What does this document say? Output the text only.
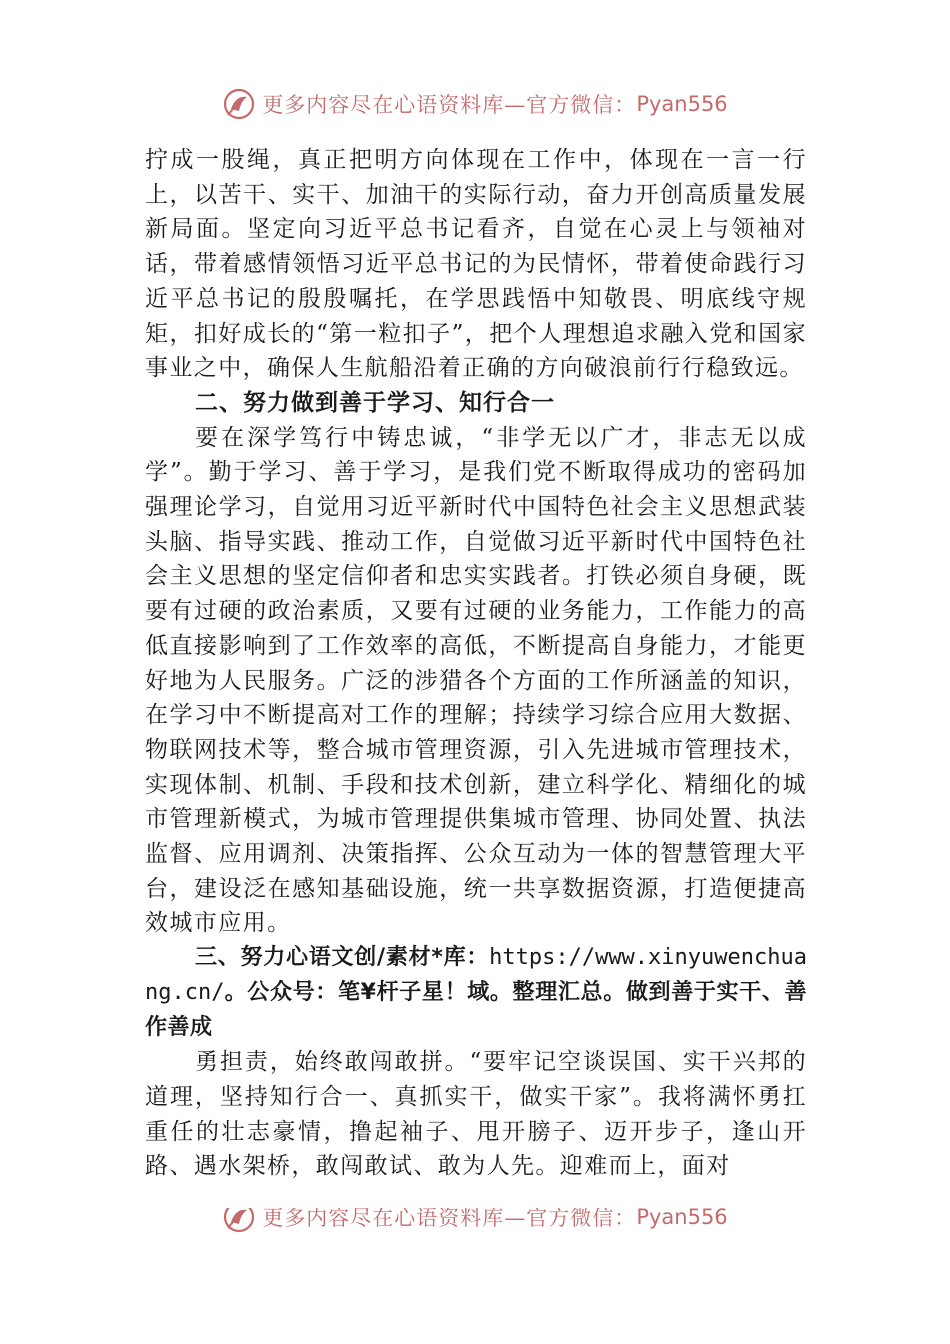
更多内容尽在心语资料库—官方微信： Pyan556

拧成一股绳，真正把明方向体现在工作中，体现在一言一行上，以苦干、实干、加油干的实际行动，奋力开创高质量发展新局面。坚定向习近平总书记看齐，自觉在心灵上与领袖对话，带着感情领悟习近平总书记的为民情怀，带着使命践行习近平总书记的殷殷嘱托，在学思践悟中知敬畏、明底线守规矩，扣好成长的“第一粒扣子”，把个人理想追求融入党和国家事业之中，确保人生航船沿着正确的方向破浪前行行稳致远。

二、努力做到善于学习、知行合一

要在深学笃行中铸忠诚，“非学无以广才，非志无以成学”。勤于学习、善于学习，是我们党不断取得成功的密码加强理论学习，自觉用习近平新时代中国特色社会主义思想武装头脑、指导实践、推动工作，自觉做习近平新时代中国特色社会主义思想的坚定信仰者和忠实实践者。打铁必须自身硬，既要有过硬的政治素质，又要有过硬的业务能力，工作能力的高低直接影响到了工作效率的高低，不断提高自身能力，才能更好地为人民服务。广泛的涉猎各个方面的工作所涵盖的知识，在学习中不断提高对工作的理解；持续学习综合应用大数据、物联网技术等，整合城市管理资源，引入先进城市管理技术，实现体制、机制、手段和技术创新，建立科学化、精细化的城市管理新模式，为城市管理提供集城市管理、协同处置、执法监督、应用调剂、决策指挥、公众互动为一体的智慧管理大平台，建设泛在感知基础设施，统一共享数据资源，打造便捷高效城市应用。

三、努力心语文创/素材*库：https://www.xinyuwenchuang.cn/。公众号：笔¥杆子星！域。整理汇总。做到善于实干、善作善成

勇担责，始终敢闯敢拼。“要牢记空谈误国、实干兴邦的道理，坚持知行合一、真抓实干，做实干家”。我将满怀勇扛重任的壮志豪情，撸起袖子、甩开膀子、迈开步子，逢山开路、遇水架桥，敢闯敢试、敢为人先。迎难而上，面对

更多内容尽在心语资料库—官方微信： Pyan556
